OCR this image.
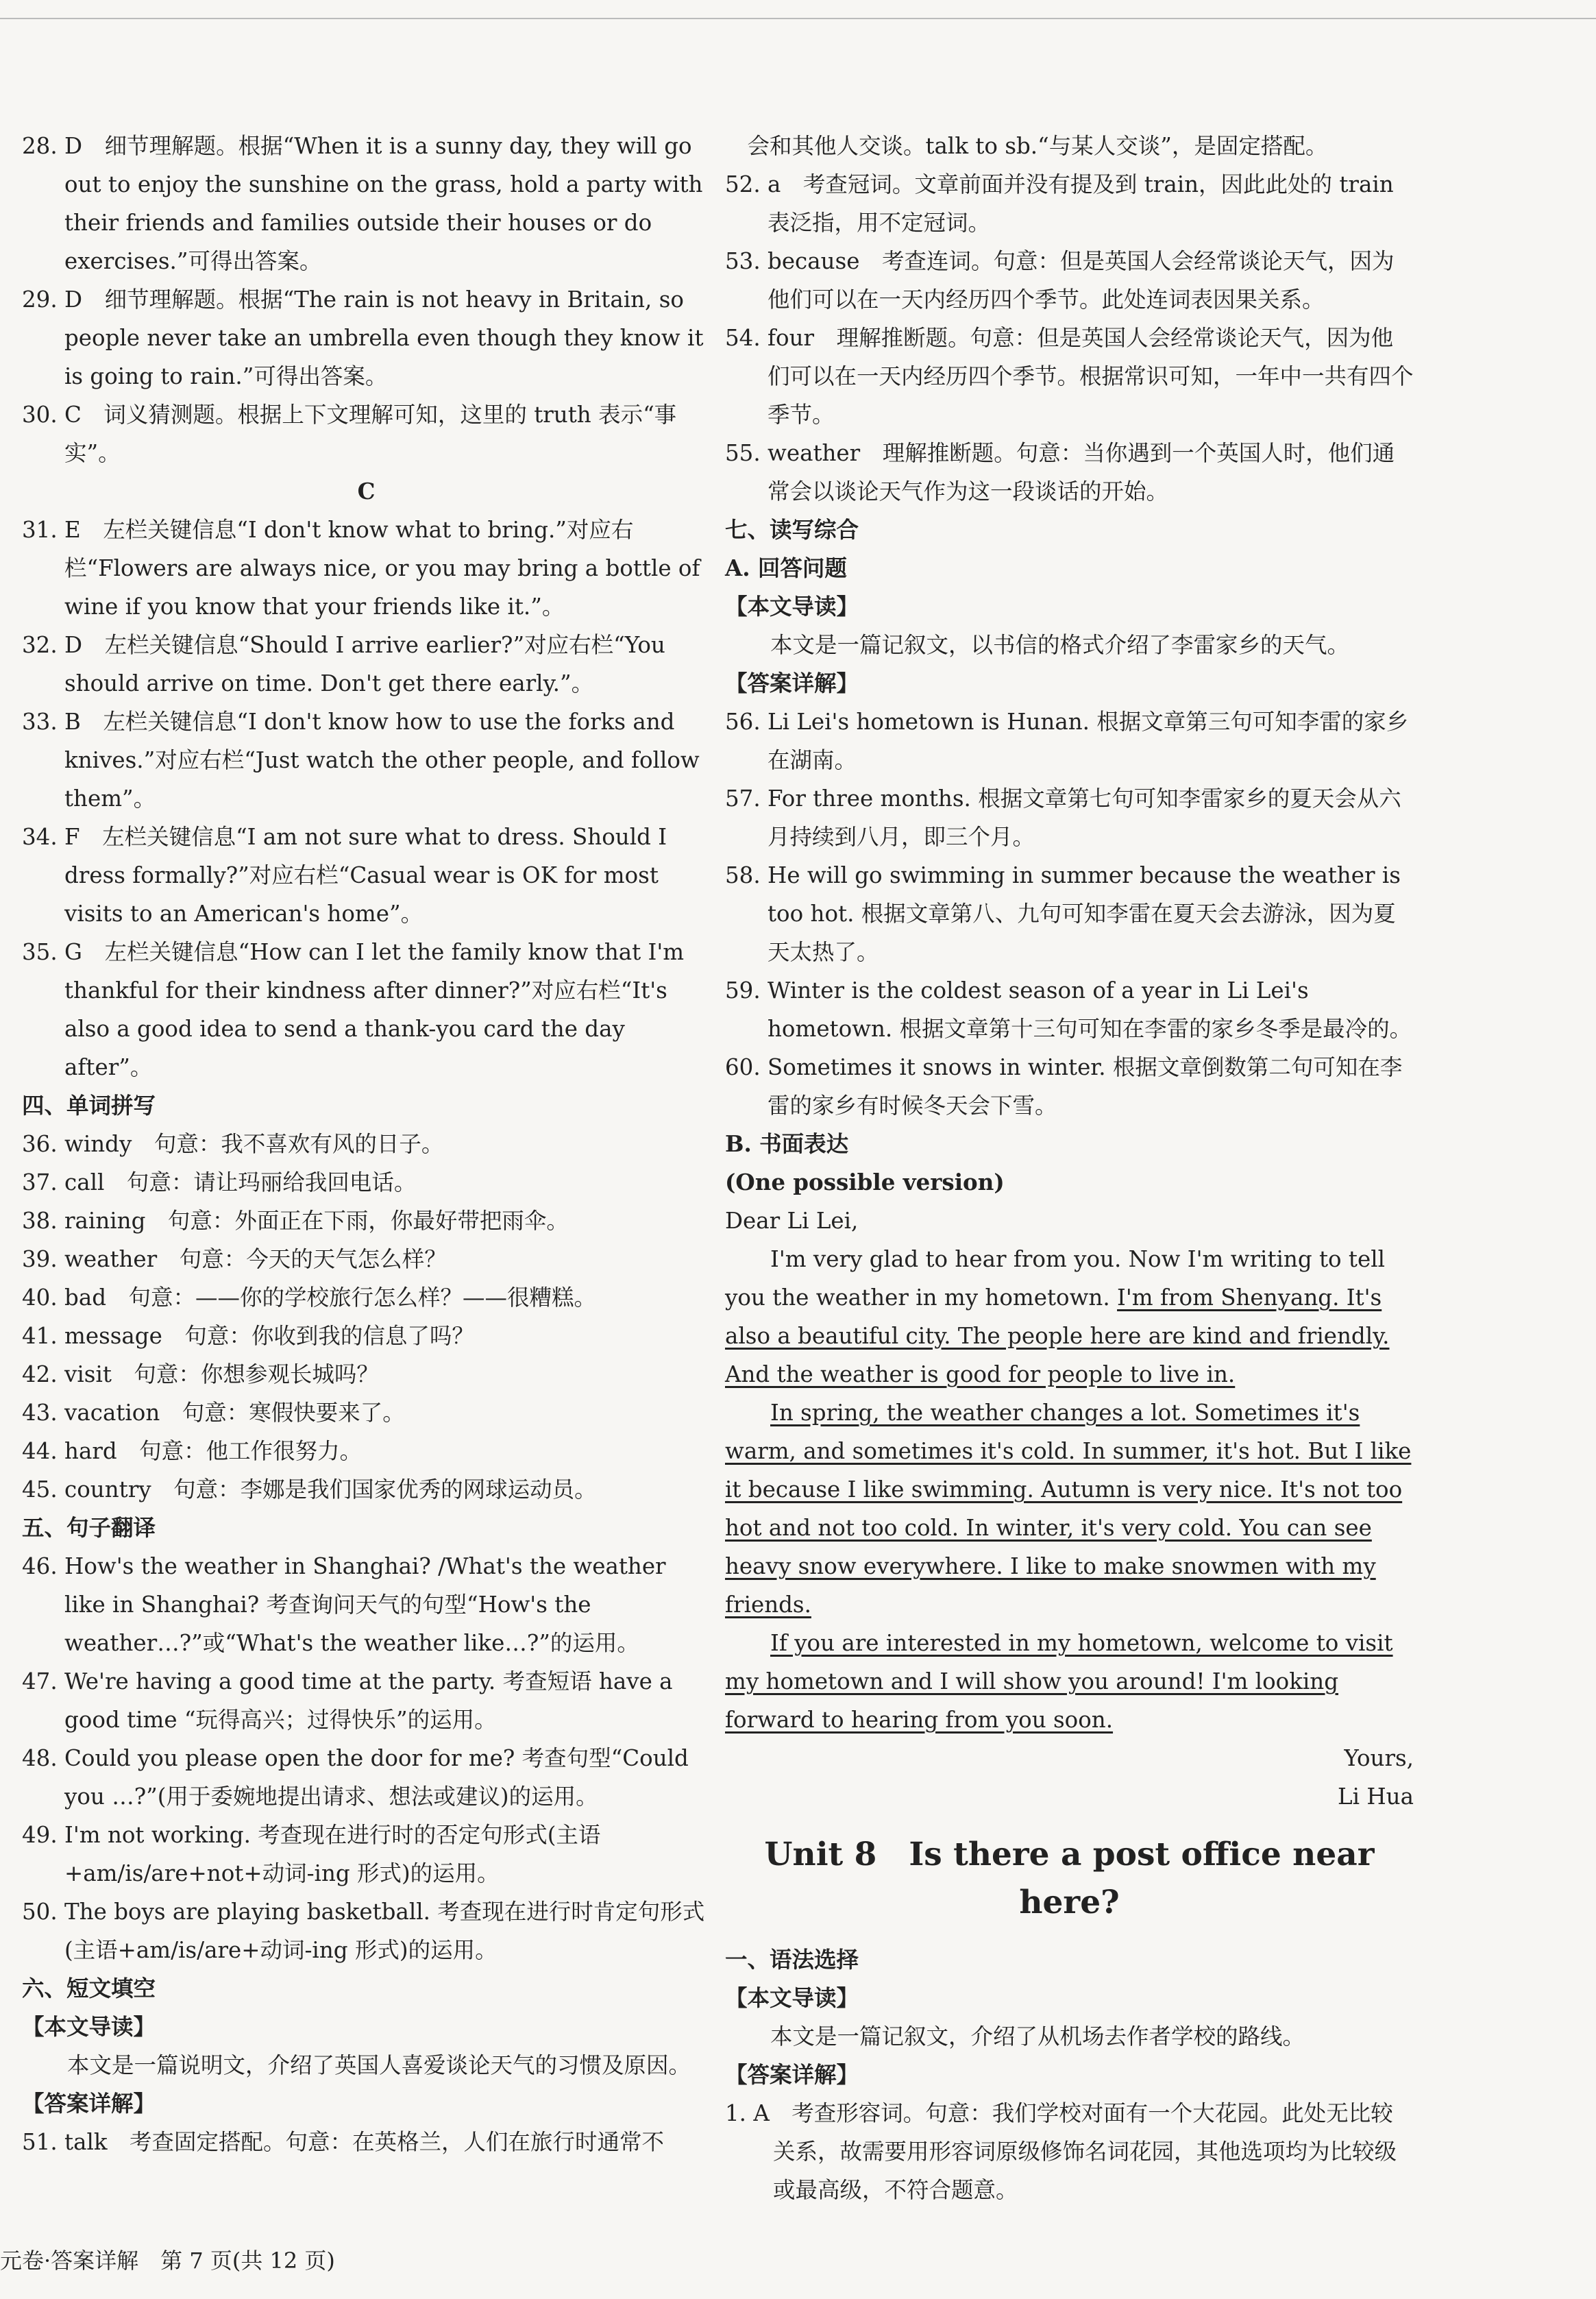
28. D　细节理解题。根据“When it is a sunny day, they will go out to enjoy the sunshine on the grass, hold a party with their friends and families outside their houses or do exercises.”可得出答案。

29. D　细节理解题。根据“The rain is not heavy in Britain, so people never take an umbrella even though they know it is going to rain.”可得出答案。

30. C　词义猜测题。根据上下文理解可知，这里的 truth 表示“事实”。

C

31. E　左栏关键信息“I don't know what to bring.”对应右栏“Flowers are always nice, or you may bring a bottle of wine if you know that your friends like it.”。

32. D　左栏关键信息“Should I arrive earlier?”对应右栏“You should arrive on time. Don't get there early.”。

33. B　左栏关键信息“I don't know how to use the forks and knives.”对应右栏“Just watch the other people, and follow them”。

34. F　左栏关键信息“I am not sure what to dress. Should I dress formally?”对应右栏“Casual wear is OK for most visits to an American's home”。

35. G　左栏关键信息“How can I let the family know that I'm thankful for their kindness after dinner?”对应右栏“It's also a good idea to send a thank-you card the day after”。

四、单词拼写

36. windy　句意：我不喜欢有风的日子。

37. call　句意：请让玛丽给我回电话。

38. raining　句意：外面正在下雨，你最好带把雨伞。

39. weather　句意：今天的天气怎么样？

40. bad　句意：——你的学校旅行怎么样？——很糟糕。

41. message　句意：你收到我的信息了吗？

42. visit　句意：你想参观长城吗？

43. vacation　句意：寒假快要来了。

44. hard　句意：他工作很努力。

45. country　句意：李娜是我们国家优秀的网球运动员。

五、句子翻译

46. How's the weather in Shanghai? /What's the weather like in Shanghai? 考查询问天气的句型“How's the weather…?”或“What's the weather like…?”的运用。

47. We're having a good time at the party. 考查短语 have a good time “玩得高兴；过得快乐”的运用。

48. Could you please open the door for me? 考查句型“Could you …?”(用于委婉地提出请求、想法或建议)的运用。

49. I'm not working. 考查现在进行时的否定句形式(主语+am/is/are+not+动词-ing 形式)的运用。

50. The boys are playing basketball. 考查现在进行时肯定句形式(主语+am/is/are+动词-ing 形式)的运用。

六、短文填空

【本文导读】

本文是一篇说明文，介绍了英国人喜爱谈论天气的习惯及原因。

【答案详解】

51. talk　考查固定搭配。句意：在英格兰，人们在旅行时通常不

　会和其他人交谈。talk to sb.“与某人交谈”，是固定搭配。

52. a　考查冠词。文章前面并没有提及到 train，因此此处的 train 表泛指，用不定冠词。

53. because　考查连词。句意：但是英国人会经常谈论天气，因为他们可以在一天内经历四个季节。此处连词表因果关系。

54. four　理解推断题。句意：但是英国人会经常谈论天气，因为他们可以在一天内经历四个季节。根据常识可知，一年中一共有四个季节。

55. weather　理解推断题。句意：当你遇到一个英国人时，他们通常会以谈论天气作为这一段谈话的开始。

七、读写综合

A. 回答问题

【本文导读】

本文是一篇记叙文，以书信的格式介绍了李雷家乡的天气。

【答案详解】

56. Li Lei's hometown is Hunan. 根据文章第三句可知李雷的家乡在湖南。

57. For three months. 根据文章第七句可知李雷家乡的夏天会从六月持续到八月，即三个月。

58. He will go swimming in summer because the weather is too hot. 根据文章第八、九句可知李雷在夏天会去游泳，因为夏天太热了。

59. Winter is the coldest season of a year in Li Lei's hometown. 根据文章第十三句可知在李雷的家乡冬季是最冷的。

60. Sometimes it snows in winter. 根据文章倒数第二句可知在李雷的家乡有时候冬天会下雪。

B. 书面表达

(One possible version)

Dear Li Lei,

I'm very glad to hear from you. Now I'm writing to tell you the weather in my hometown. I'm from Shenyang. It's also a beautiful city. The people here are kind and friendly. And the weather is good for people to live in.

In spring, the weather changes a lot. Sometimes it's warm, and sometimes it's cold. In summer, it's hot. But I like it because I like swimming. Autumn is very nice. It's not too hot and not too cold. In winter, it's very cold. You can see heavy snow everywhere. I like to make snowmen with my friends.

If you are interested in my hometown, welcome to visit my hometown and I will show you around! I'm looking forward to hearing from you soon.

Yours,

Li Hua

Unit 8　Is there a post office near
here?

一、语法选择

【本文导读】

本文是一篇记叙文，介绍了从机场去作者学校的路线。

【答案详解】

1. A　考查形容词。句意：我们学校对面有一个大花园。此处无比较关系，故需要用形容词原级修饰名词花园，其他选项均为比较级或最高级，不符合题意。

元卷·答案详解　第 7 页(共 12 页)
